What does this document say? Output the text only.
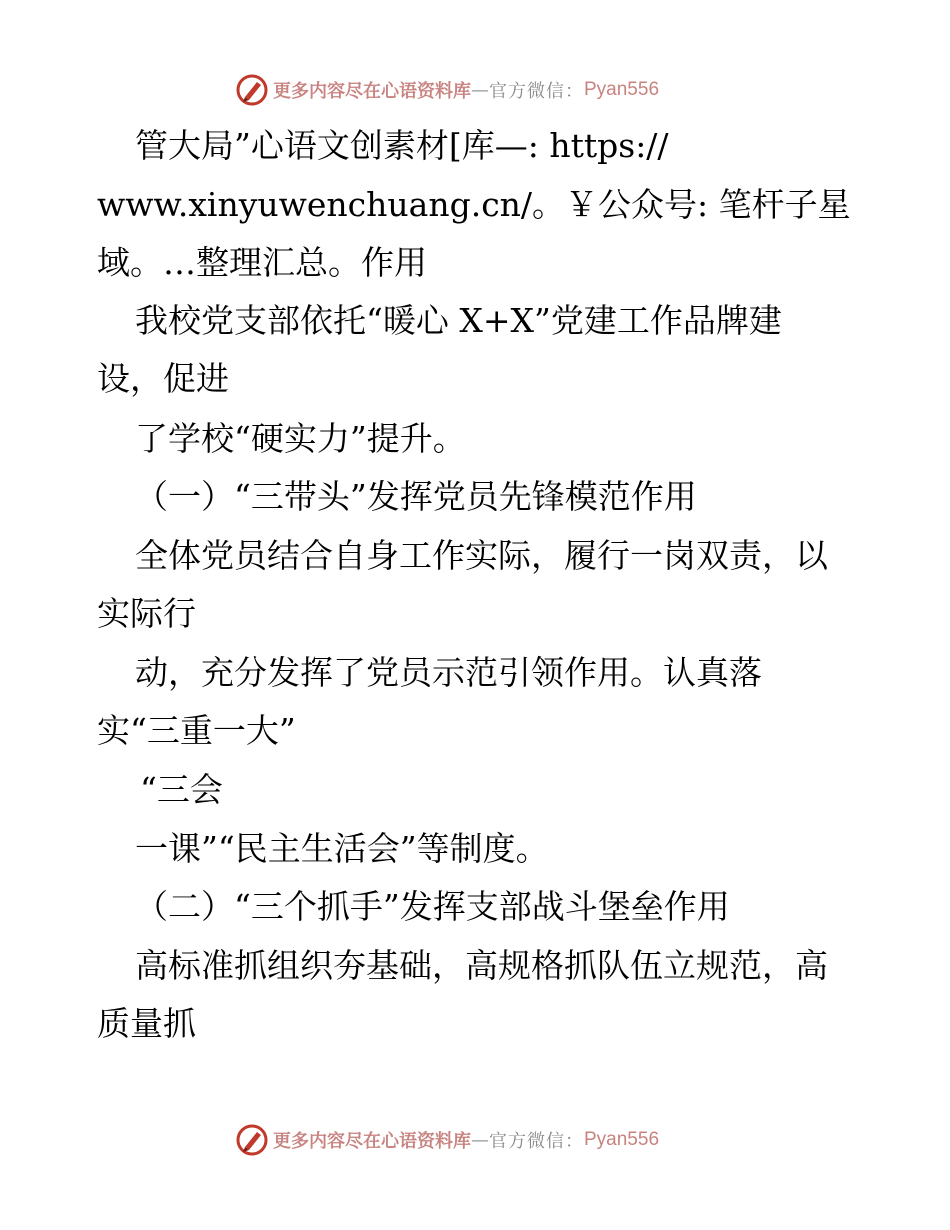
更多内容尽在心语资料库 — 官方微信： Pyan556

管大局”心语文创素材[库—: https://

www.xinyuwenchuang.cn/。￥公众号: 笔杆子星

域。…整理汇总。作用

我校党支部依托“暖心 X+X”党建工作品牌建

设，促进

了学校“硬实力”提升。

（一）“三带头”发挥党员先锋模范作用

全体党员结合自身工作实际，履行一岗双责，以

实际行

动，充分发挥了党员示范引领作用。认真落

实“三重一大”

“三会

一课”“民主生活会”等制度。

（二）“三个抓手”发挥支部战斗堡垒作用

高标准抓组织夯基础，高规格抓队伍立规范，高

质量抓

更多内容尽在心语资料库 — 官方微信： Pyan556
